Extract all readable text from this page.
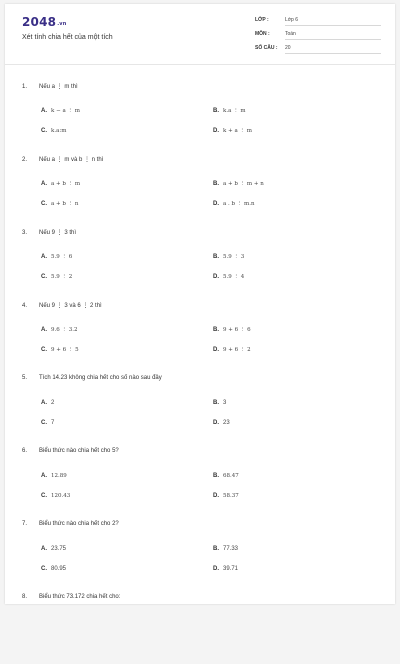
$2048^{.vn}$
Xét tính chia hết của một tích
LỚP :	Lớp 6
MÔN :	Toán
SỐ CÂU : 20
1. Nếu a ⋮ m thì
A. k − a ⋮ m	B. k.a ⋮ m
C. k.a:m	D. k + a ⋮ m
2. Nếu a ⋮ m và b ⋮ n thì
A. a + b ⋮ m	B. a + b ⋮ m + n
C. a + b ⋮ n	D. a . b ⋮ m.n
3. Nếu 9 ⋮ 3 thì
A. 5.9 ⋮ 6	B. 5.9 ⋮ 3
C. 5.9 ⋮ 2	D. 5.9 ⋮ 4
4. Nếu 9 ⋮ 3 và 6 ⋮ 2 thì
A. 9.6 ⋮ 3.2	B. 9 + 6 ⋮ 6
C. 9 + 6 ⋮ 5	D. 9 + 6 ⋮ 2
5. Tích 14.23 không chia hết cho số nào sau đây
A. 2	B. 3
C. 7	D. 23
6. Biểu thức nào chia hết cho 5?
A. 12.89	B. 68.47
C. 120.43	D. 58.37
7. Biểu thức nào chia hết cho 2?
A. 23.75	B. 77.33
C. 80.95	D. 39.71
8. Biểu thức 73.172 chia hết cho:
